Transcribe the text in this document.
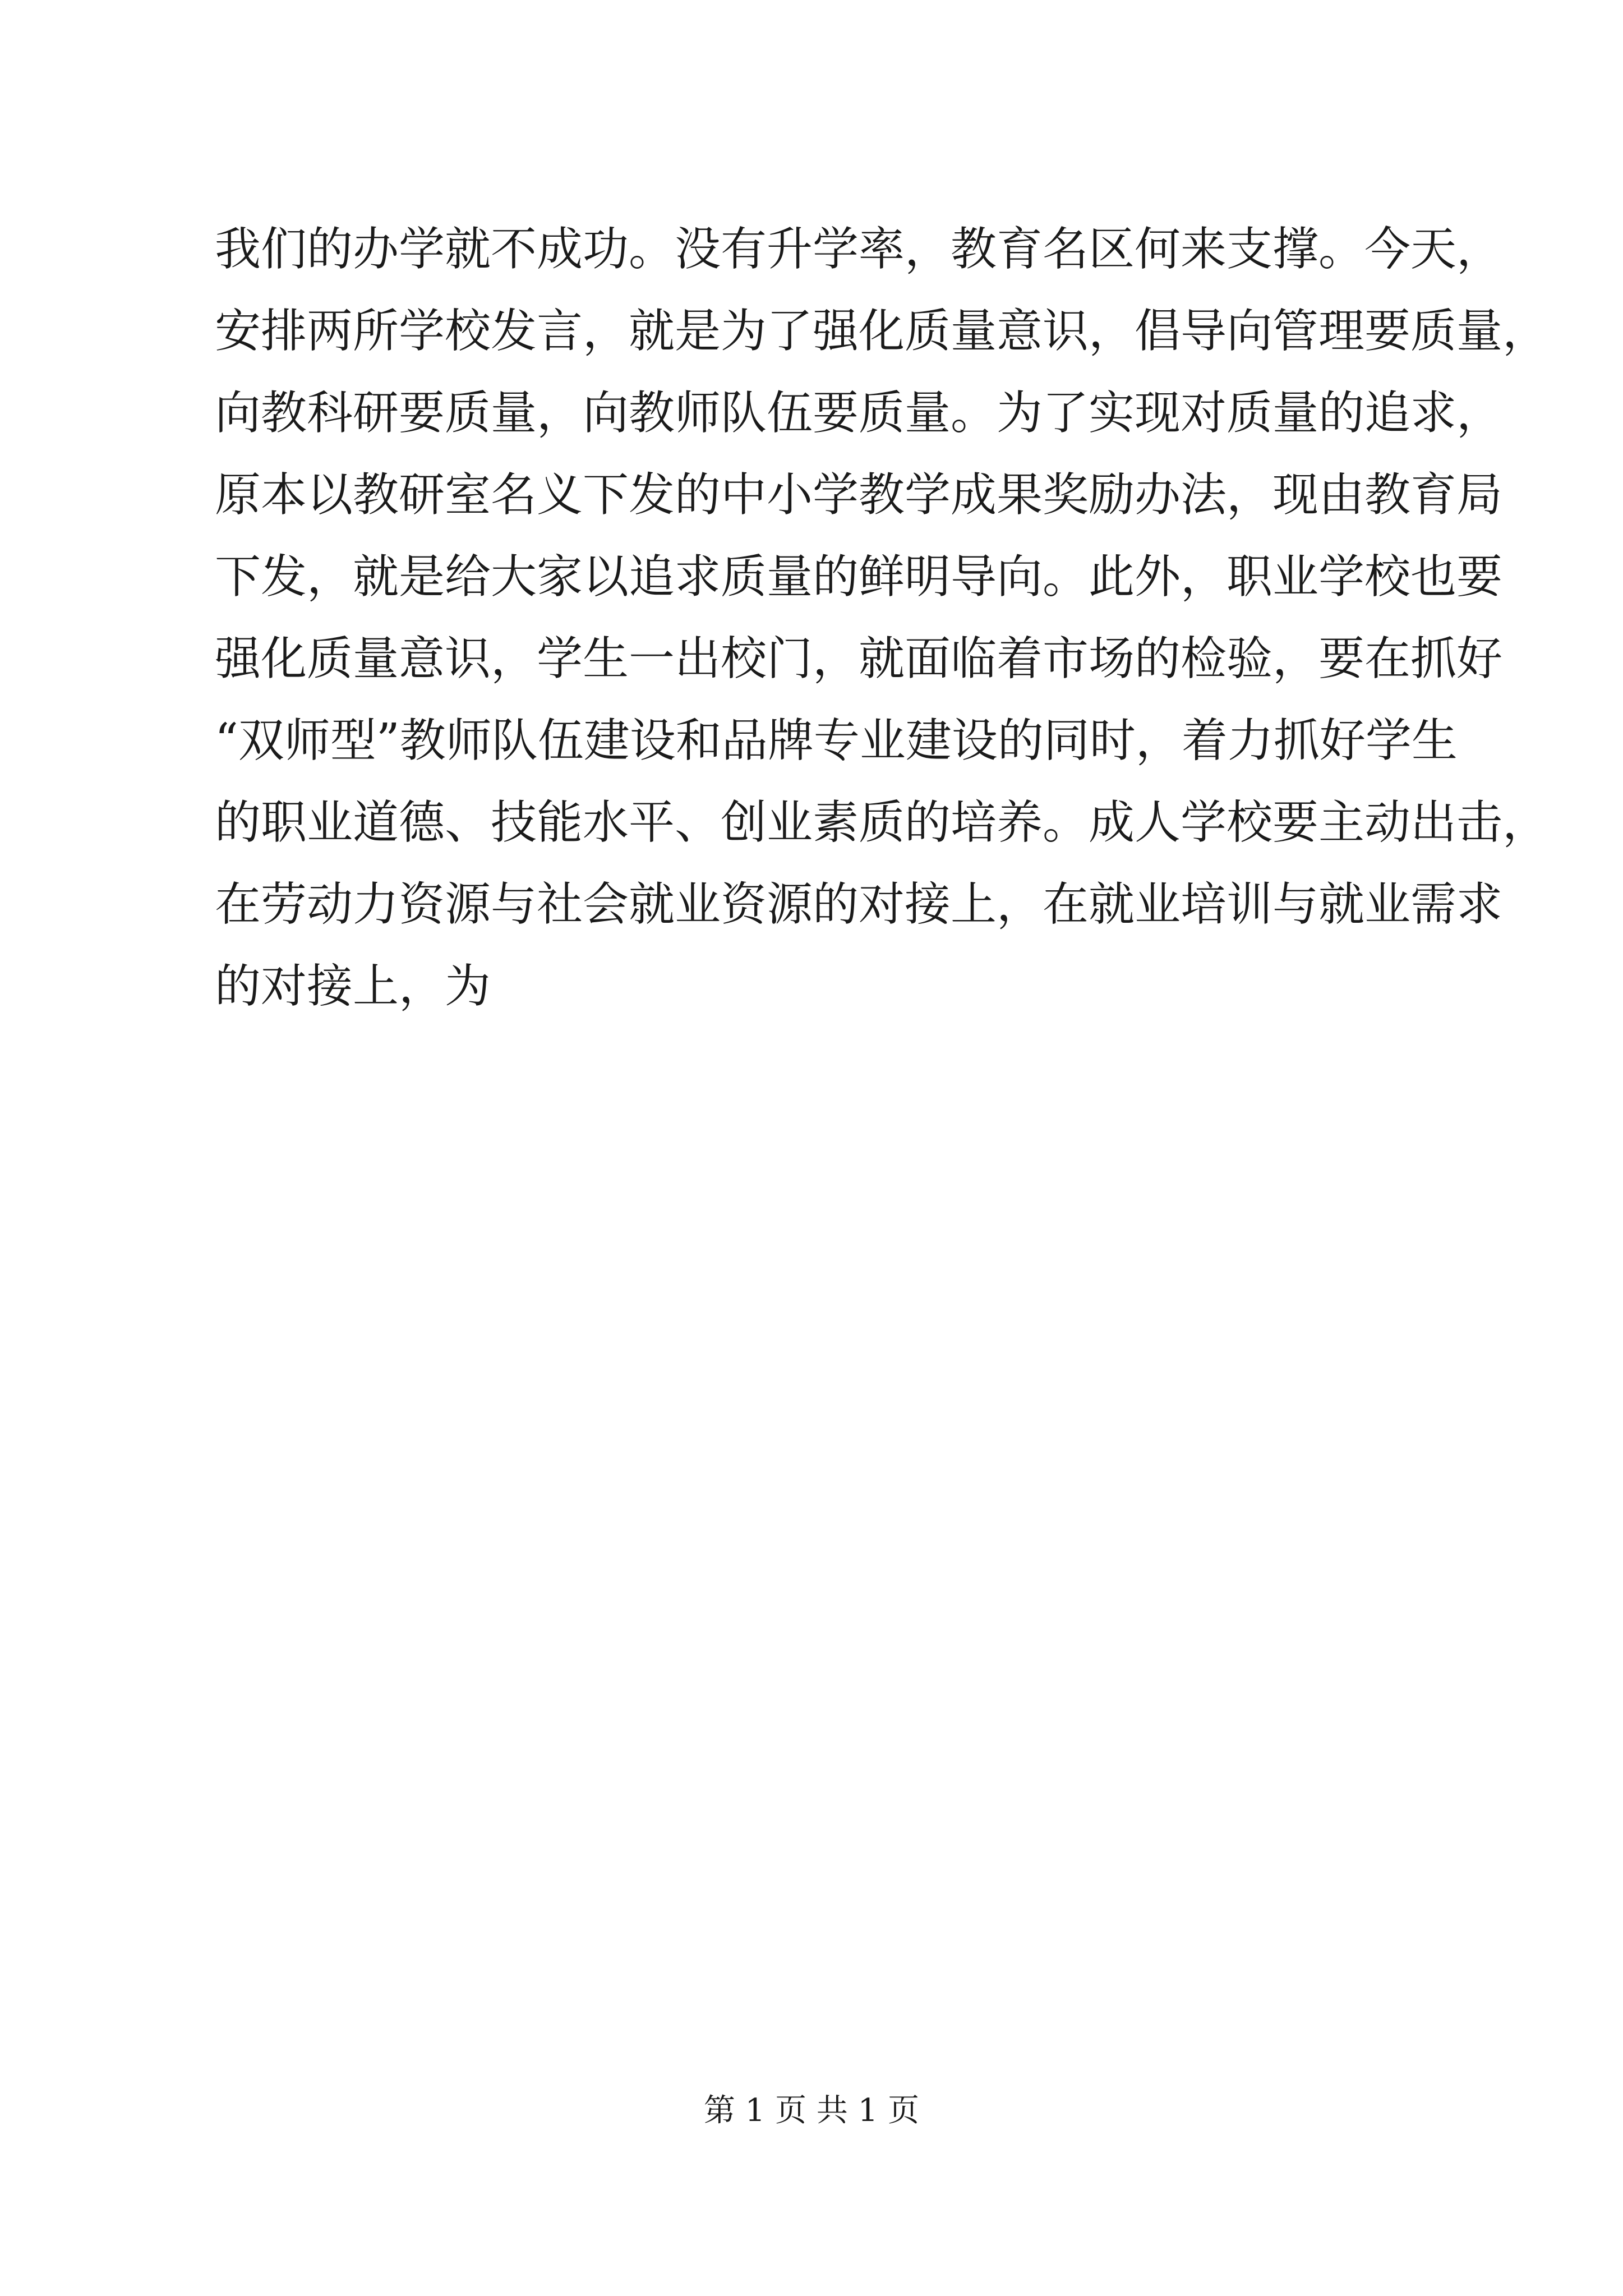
我们的办学就不成功。没有升学率，教育名区何来支撑。今天，
安排两所学校发言，就是为了强化质量意识，倡导向管理要质量，
向教科研要质量，向教师队伍要质量。为了实现对质量的追求，
原本以教研室名义下发的中小学教学成果奖励办法，现由教育局
下发，就是给大家以追求质量的鲜明导向。此外，职业学校也要
强化质量意识，学生一出校门，就面临着市场的检验，要在抓好
“双师型”教师队伍建设和品牌专业建设的同时，着力抓好学生
的职业道德、技能水平、创业素质的培养。成人学校要主动出击，
在劳动力资源与社会就业资源的对接上，在就业培训与就业需求
的对接上，为
第 1 页 共 1 页
